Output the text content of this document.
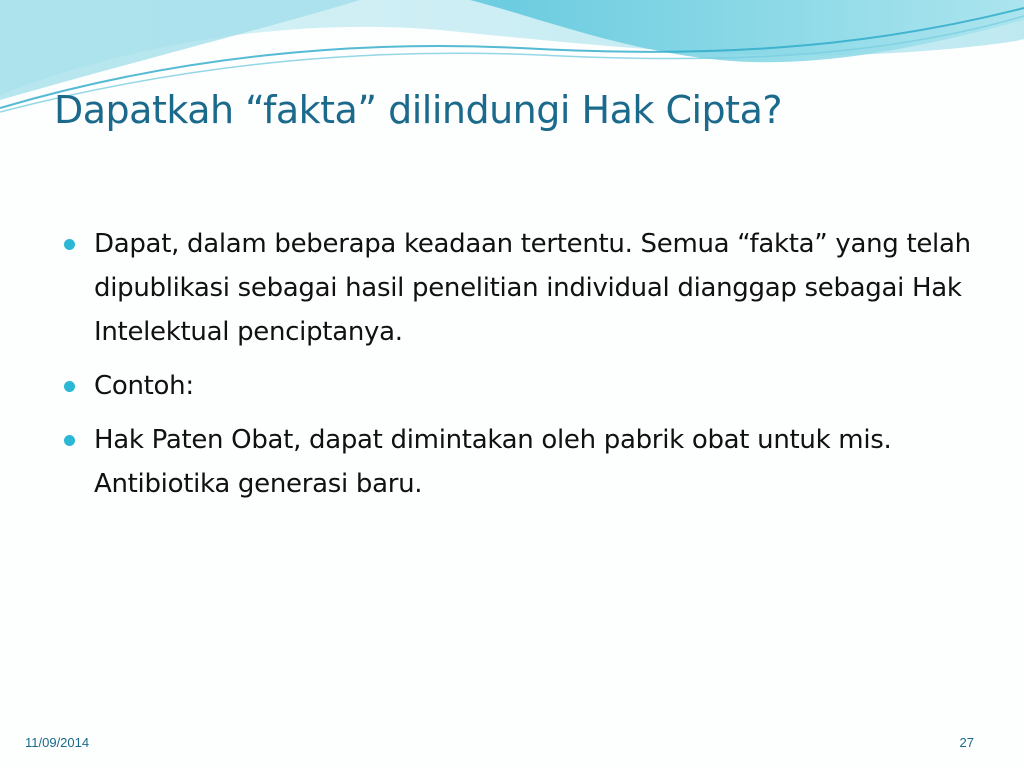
Dapatkah “fakta” dilindungi Hak Cipta?
Dapat, dalam beberapa keadaan tertentu. Semua “fakta” yang telah dipublikasi sebagai hasil penelitian individual dianggap sebagai Hak Intelektual penciptanya.
Contoh:
Hak Paten Obat, dapat dimintakan oleh pabrik obat untuk mis. Antibiotika generasi baru.
11/09/2014	27
